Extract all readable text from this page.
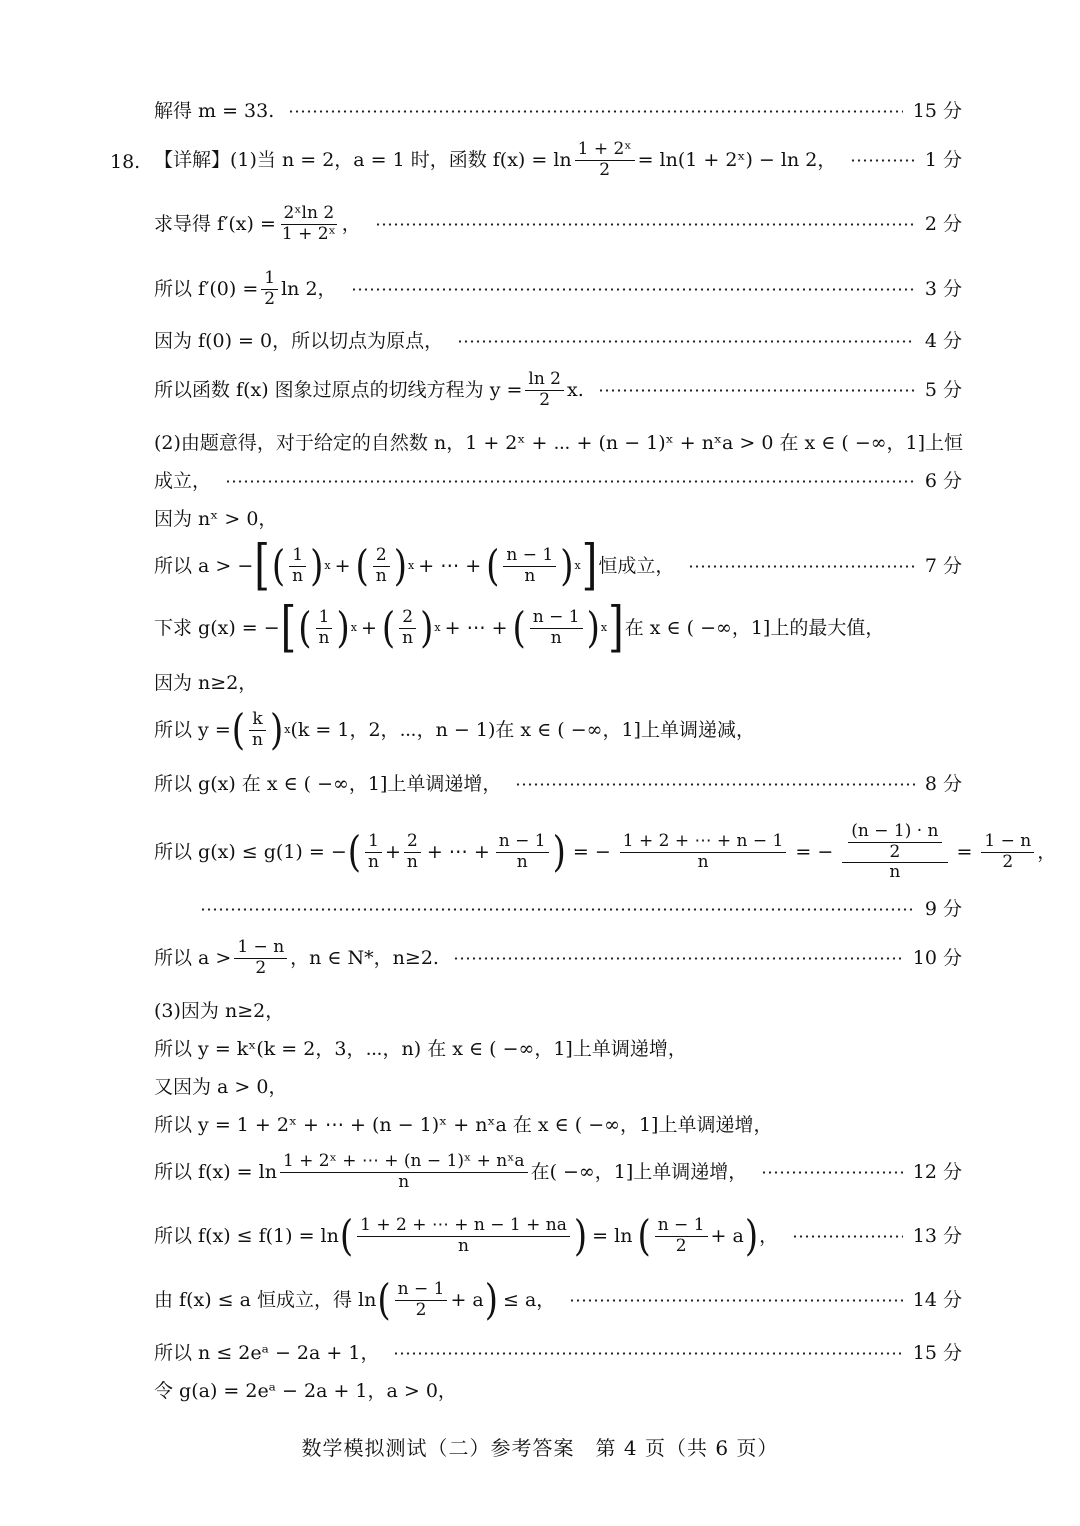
解得 m = 33.	15 分
18. 【详解】(1)当 n = 2，a = 1 时，函数 $f(x) = \ln \frac{\text{1 + 2ˣ}}{2} = \ln(1$ + 2ˣ) − ln 2，	1 分
求导得 $f'(x) = \frac{\text{2ˣln 2}}{\text{1 + 2ˣ}}$ ，	2 分
所以 $f'(0) = \frac{1}{2}$ ln 2，	3 分
因为 f(0) = 0，所以切点为原点，	4 分
所以函数 f(x) 图象过原点的切线方程为 $y = \frac{\ln 2}{2} x$.	5 分
(2)由题意得，对于给定的自然数 n，1 + 2ˣ + ⋯ + (n − 1)ˣ + nˣa > 0 在 x ∈ ( −∞，1]上恒
成立，	6 分
因为 nˣ > 0，
所以 a > − [ ( 1
n ) x + ( 2
n ) x + ⋯ + ( n − 1
n ) x ] 恒成立，	7 分
下求 g(x) = − [ ( 1
n ) x + ( 2
n ) x + ⋯ + ( n − 1
n ) x ] 在 x ∈ ( −∞，1]上的最大值，
因为 n≥2，
所以 y = ( k
n ) x (k = 1，2，⋯，n − 1)在 x ∈ ( −∞，1]上单调递减，
所以 g(x) 在 x ∈ ( −∞，1]上单调递增，	8 分
所以 g(x) ≤ g(1) = − ( 1
$n + \frac{2}{n}$ + ⋯ + $\frac{n - 1}{n}$ ) = − $\frac{1 + 2 + \cdots + n - 1}{n}$ = − $\frac{\frac{(n - 1) \cdot n}{2}}{n} = \frac{1 - n}{2}$ ，
9 分
所以 a > 1 − n
2 ，n ∈ N*，n≥2.	10 分
(3)因为 n≥2，
所以 y = kˣ(k = 2，3，⋯，n) 在 x ∈ ( −∞，1]上单调递增，
又因为 a > 0，
所以 y = 1 + 2ˣ + ⋯ + (n − 1)ˣ + nˣa 在 x ∈ ( −∞，1]上单调递增，
所以 f(x) = ln 1 + 2ˣ + ⋯ + (n − 1)ˣ + nˣa
n	在( −∞，1]上单调递增，	12 分
所以 f(x) ≤ f(1) = ln ( 1 + 2 + ⋯ + n − 1 + na
n	) = ln ( n − 1
2 + a ) ，	13 分
由 f(x) ≤ a 恒成立，得 ln ( n − 1
2 + a ) ≤ a，	14 分
所以 n ≤ 2eᵃ − 2a + 1，	15 分
令 g(a) = 2eᵃ − 2a + 1，a > 0，
数学模拟测试（二）参考答案　第 4 页（共 6 页）
